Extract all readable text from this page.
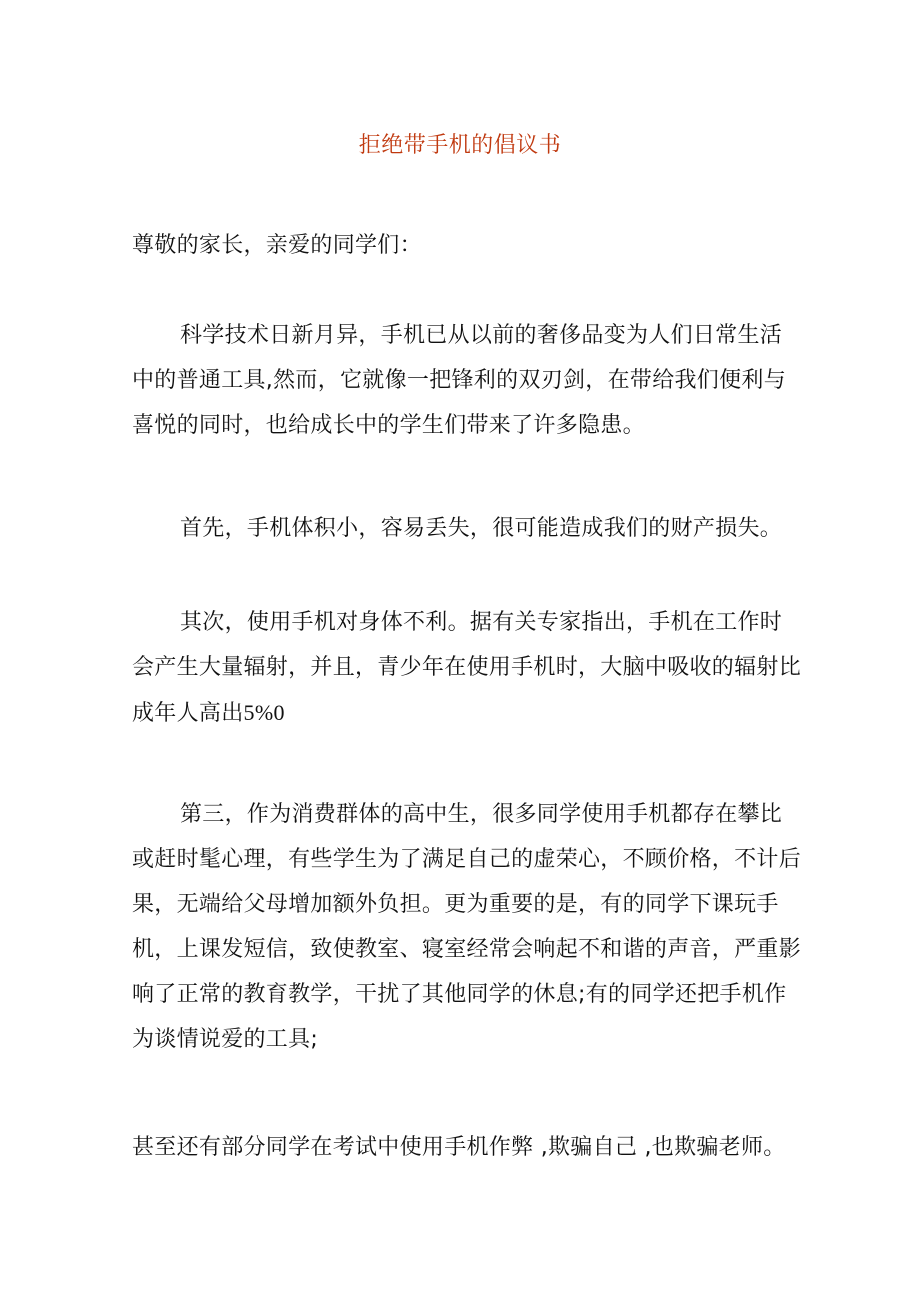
拒绝带手机的倡议书

尊敬的家长，亲爱的同学们：

科学技术日新月异，手机已从以前的奢侈品变为人们日常生活中的普通工具,然而，它就像一把锋利的双刃剑，在带给我们便利与喜悦的同时，也给成长中的学生们带来了许多隐患。

首先，手机体积小，容易丢失，很可能造成我们的财产损失。

其次，使用手机对身体不利。据有关专家指出，手机在工作时会产生大量辐射，并且，青少年在使用手机时，大脑中吸收的辐射比成年人高出5%0

第三，作为消费群体的高中生，很多同学使用手机都存在攀比或赶时髦心理，有些学生为了满足自己的虚荣心，不顾价格，不计后果，无端给父母增加额外负担。更为重要的是，有的同学下课玩手机，上课发短信，致使教室、寝室经常会响起不和谐的声音，严重影响了正常的教育教学，干扰了其他同学的休息;有的同学还把手机作为谈情说爱的工具;

甚至还有部分同学在考试中使用手机作弊 ,欺骗自己 ,也欺骗老师。
